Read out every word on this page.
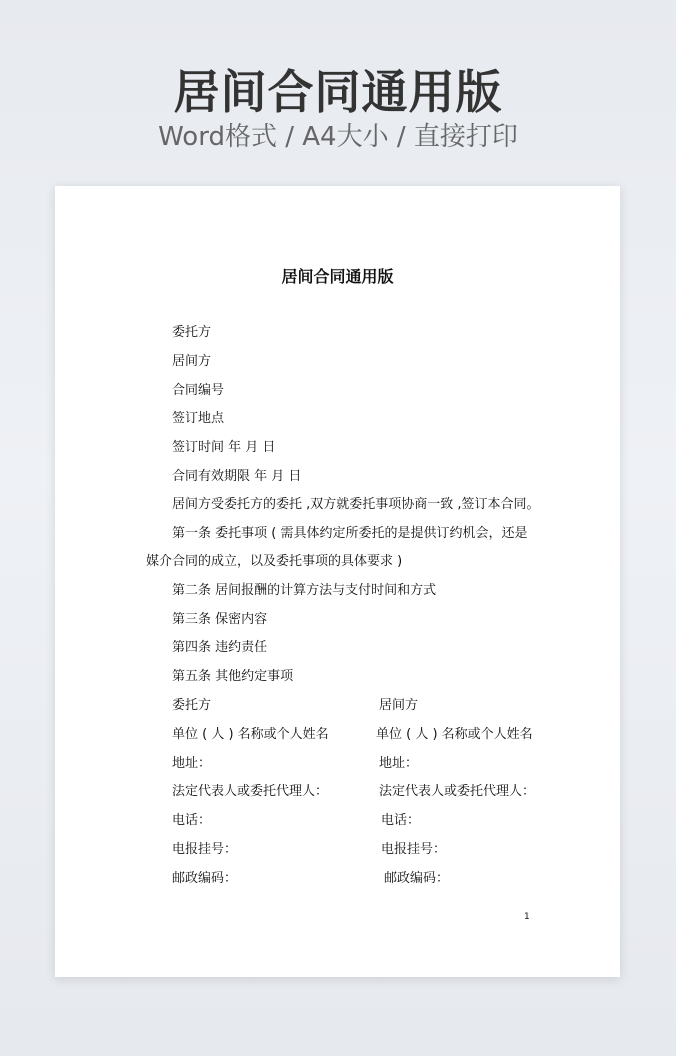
居间合同通用版
Word格式 / A4大小 / 直接打印
居间合同通用版
委托方
居间方
合同编号
签订地点
签订时间 年 月 日
合同有效期限 年 月 日
居间方受委托方的委托 ,双方就委托事项协商一致 ,签订本合同。
第一条 委托事项 ( 需具体约定所委托的是提供订约机会，还是
媒介合同的成立，以及委托事项的具体要求 )
第二条 居间报酬的计算方法与支付时间和方式
第三条 保密内容
第四条 违约责任
第五条 其他约定事项
委托方
单位 ( 人 ) 名称或个人姓名
地址：
法定代表人或委托代理人：
电话：
电报挂号：
邮政编码：
居间方
单位 ( 人 ) 名称或个人姓名
地址：
法定代表人或委托代理人：
电话：
电报挂号：
邮政编码：
1
